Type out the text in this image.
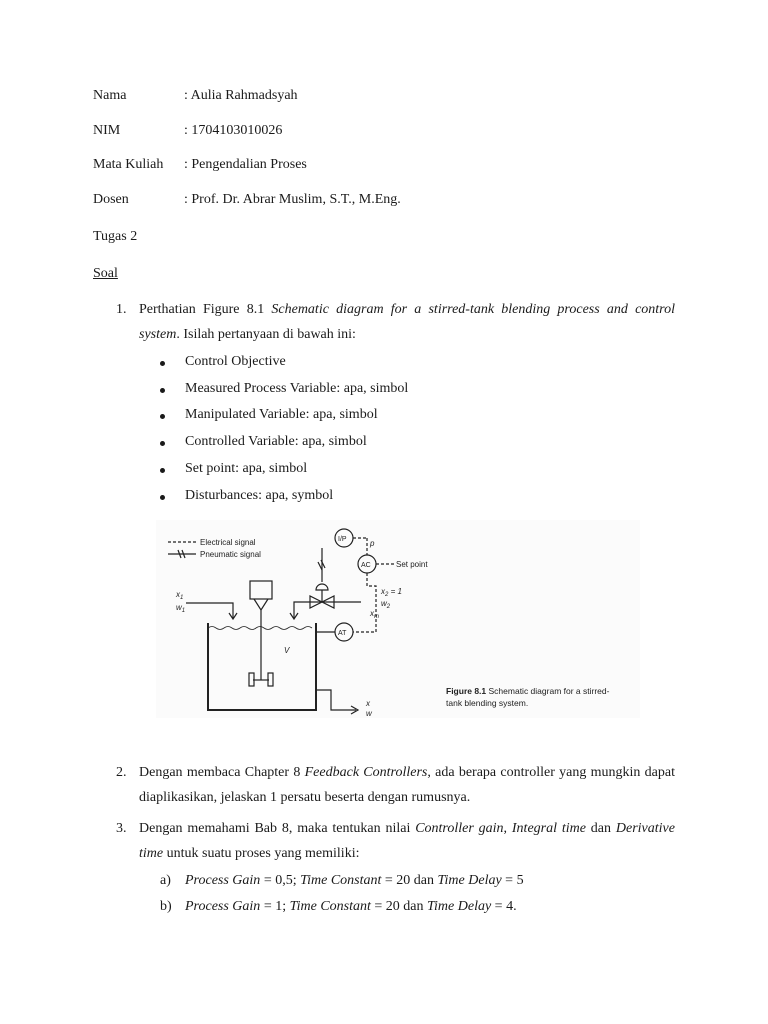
Nama	: Aulia Rahmadsyah
NIM	: 1704103010026
Mata Kuliah : Pengendalian Proses
Dosen	: Prof. Dr. Abrar Muslim, S.T., M.Eng.
Tugas 2
Soal
1. Perthatian Figure 8.1 Schematic diagram for a stirred-tank blending process and control system. Isilah pertanyaan di bawah ini:
Control Objective
Measured Process Variable: apa, simbol
Manipulated Variable: apa, simbol
Controlled Variable: apa, simbol
Set point: apa, simbol
Disturbances: apa, symbol
Electrical signal
Pneumatic signal
I/P
AC
AT
p
Set point
$x_1$
$w_1$
$x_2 = 1$
$w_2$
$x_m$
V
x
w
Figure 8.1 Schematic diagram for a stirred-
tank blending system.
2. Dengan membaca Chapter 8 Feedback Controllers, ada berapa controller yang mungkin dapat diaplikasikan, jelaskan 1 persatu beserta dengan rumusnya.
3. Dengan memahami Bab 8, maka tentukan nilai Controller gain, Integral time dan Derivative time untuk suatu proses yang memiliki:
a) Process Gain = 0,5; Time Constant = 20 dan Time Delay = 5
b) Process Gain = 1; Time Constant = 20 dan Time Delay = 4.
